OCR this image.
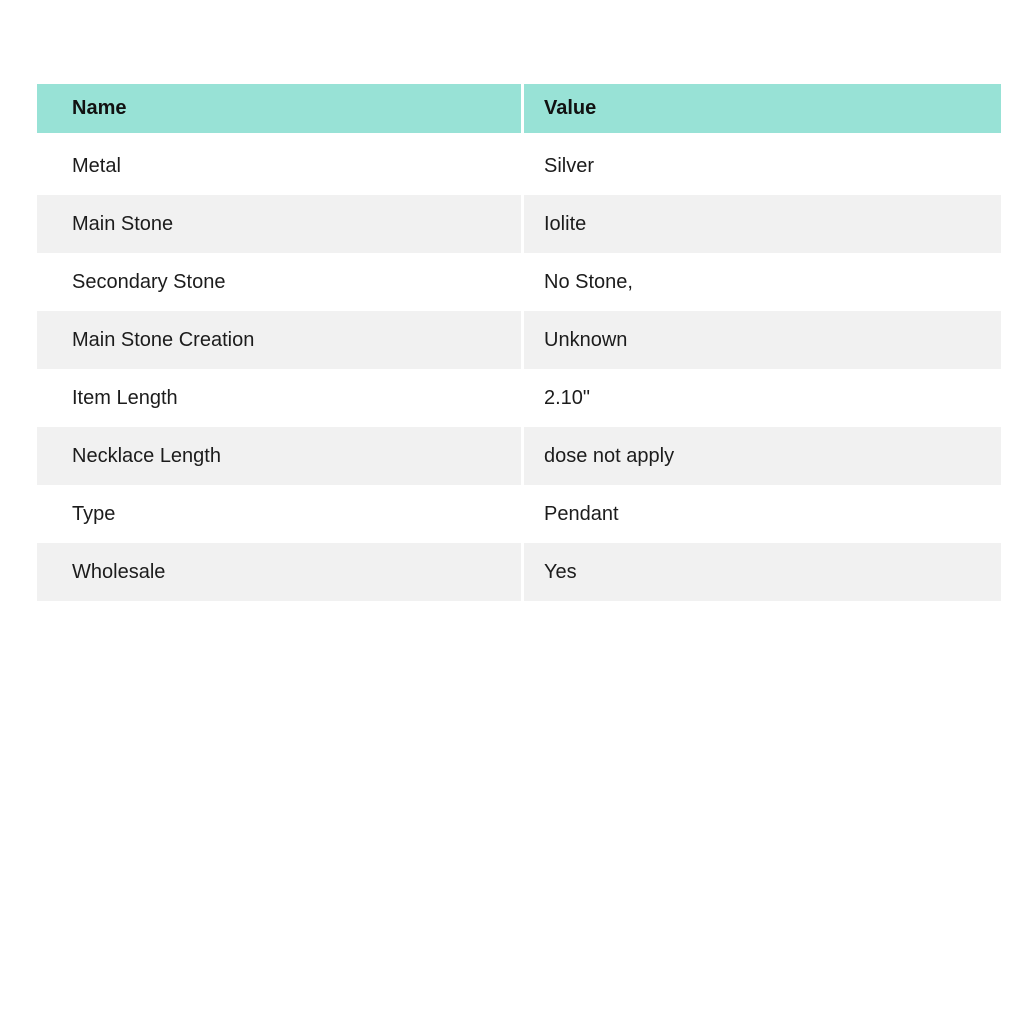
Name	Value
Metal	Silver
Main Stone	Iolite
Secondary Stone	No Stone,
Main Stone Creation	Unknown
Item Length	2.10"
Necklace Length	dose not apply
Type	Pendant
Wholesale	Yes
